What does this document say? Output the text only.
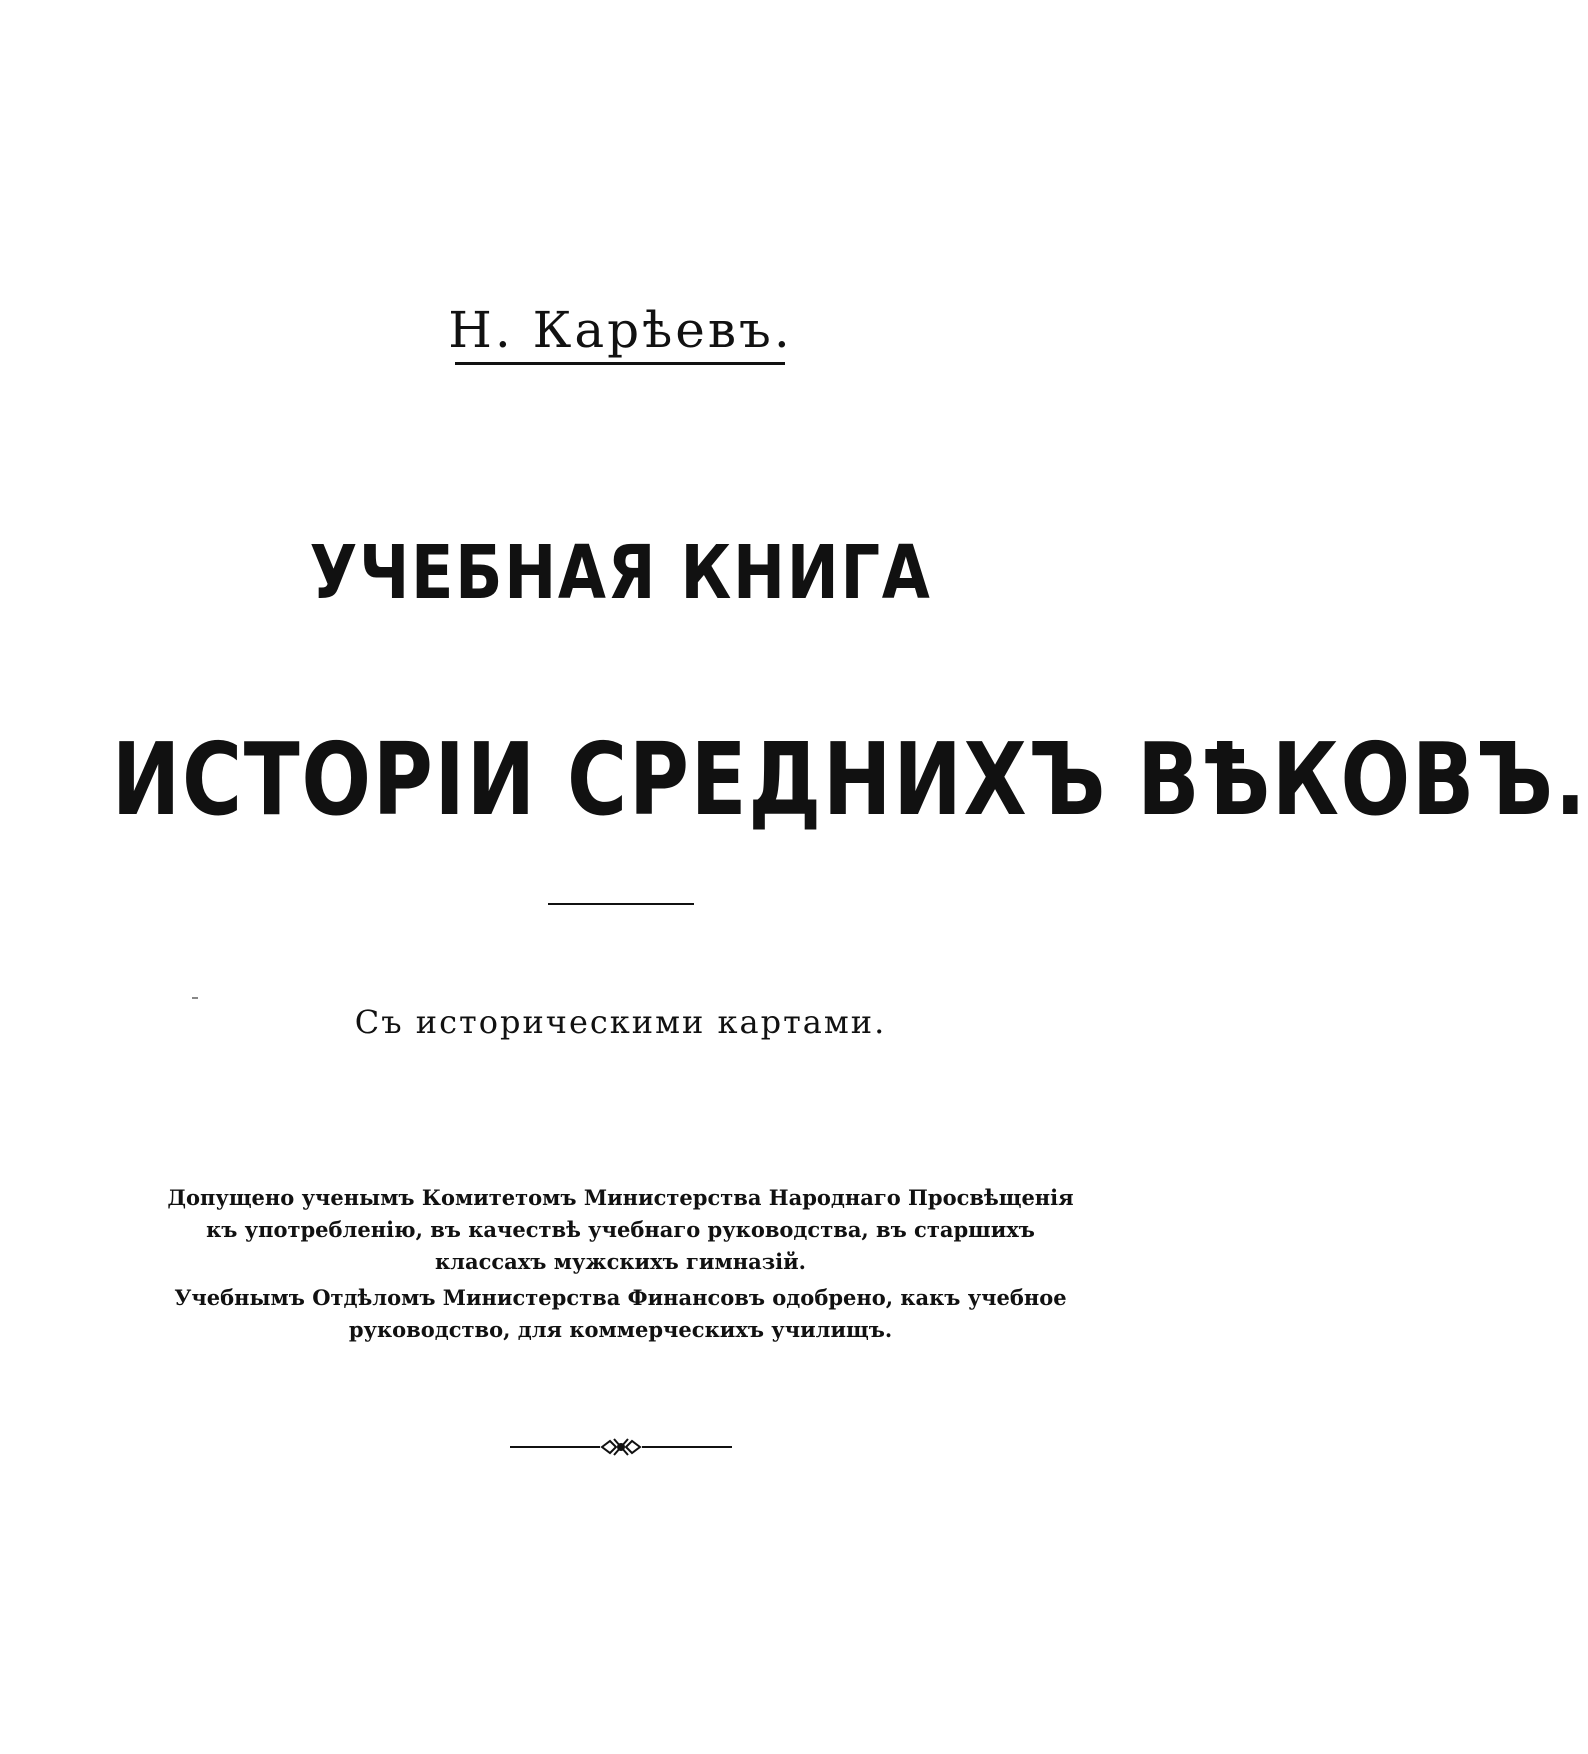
Н. Карѣевъ.
УЧЕБНАЯ КНИГА
ИСТОРІИ СРЕДНИХЪ ВѢКОВЪ.
Съ историческими картами.
Допущено ученымъ Комитетомъ Министерства Народнаго Просвѣщенія къ употребленію, въ качествѣ учебнаго руководства, въ старшихъ классахъ мужскихъ гимназій.
Учебнымъ Отдѣломъ Министерства Финансовъ одобрено, какъ учебное руководство, для коммерческихъ училищъ.
